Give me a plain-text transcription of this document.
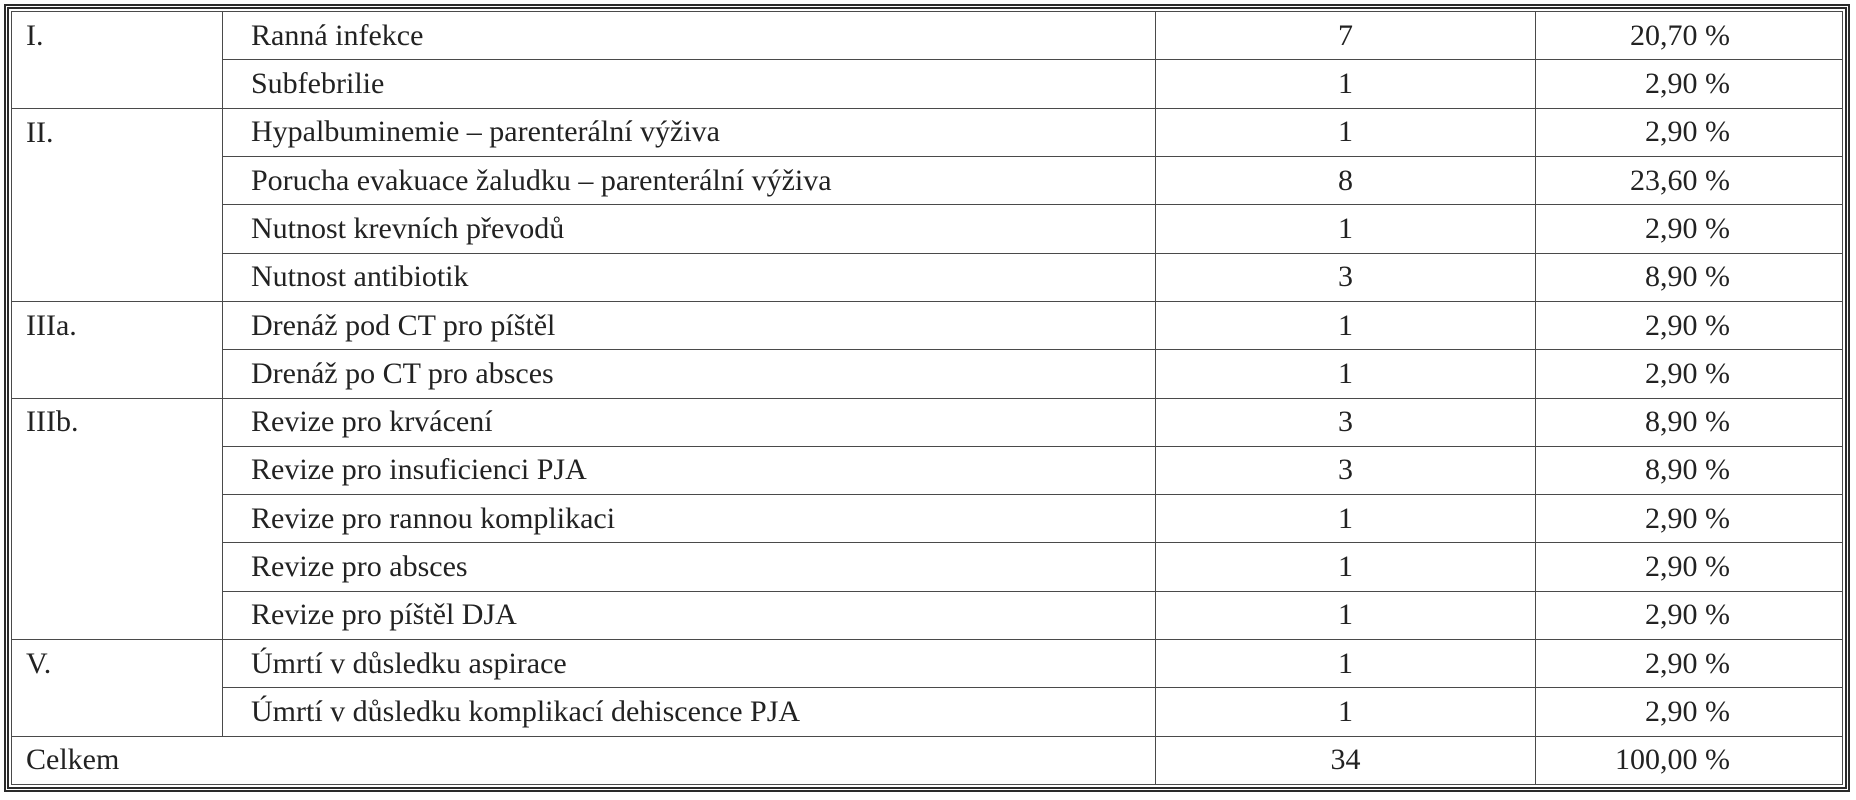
I.	Ranná infekce	7	20,70 %
	Subfebrilie	1	2,90 %
II.	Hypalbuminemie – parenterální výživa	1	2,90 %
	Porucha evakuace žaludku – parenterální výživa	8	23,60 %
	Nutnost krevních převodů	1	2,90 %
	Nutnost antibiotik	3	8,90 %
IIIa.	Drenáž pod CT pro píštěl	1	2,90 %
	Drenáž po CT pro absces	1	2,90 %
IIIb.	Revize pro krvácení	3	8,90 %
	Revize pro insuficienci PJA	3	8,90 %
	Revize pro rannou komplikaci	1	2,90 %
	Revize pro absces	1	2,90 %
	Revize pro píštěl DJA	1	2,90 %
V.	Úmrtí v důsledku aspirace	1	2,90 %
	Úmrtí v důsledku komplikací dehiscence PJA	1	2,90 %
Celkem		34	100,00 %
